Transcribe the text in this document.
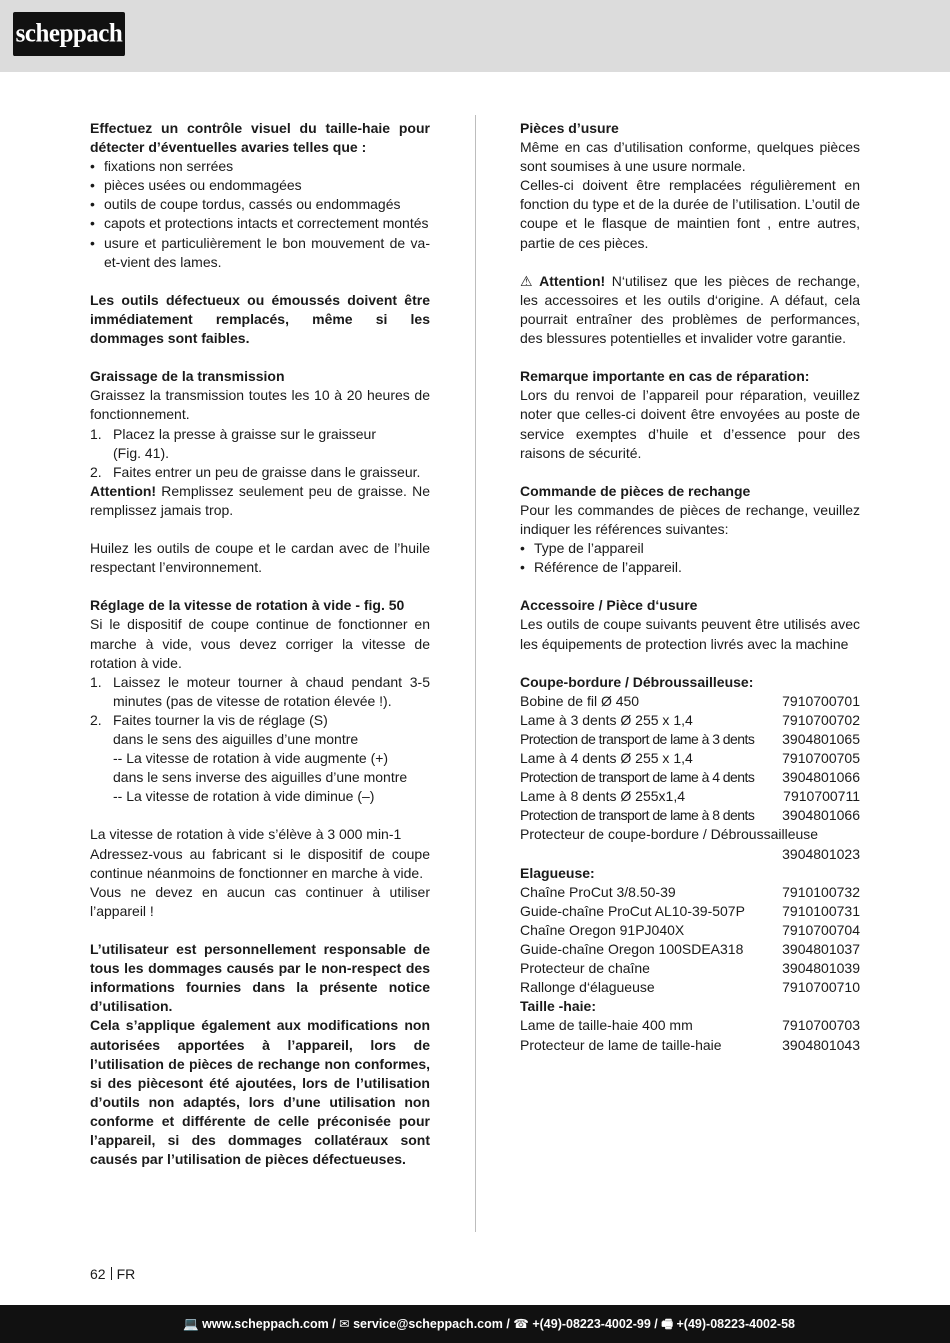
scheppach

Effectuez un contrôle visuel du taille-haie pour détecter d’éventuelles avaries telles que :

• fixations non serrées

• pièces usées ou endommagées

• outils de coupe tordus, cassés ou endommagés

• capots et protections intacts et correctement montés

• usure et particulièrement le bon mouvement de va-et-vient des lames.

Les outils défectueux ou émoussés doivent être immédiatement remplacés, même si les dommages sont faibles.

Graissage de la transmission

Graissez la transmission toutes les 10 à 20 heures de fonctionnement.

1. Placez la presse à graisse sur le graisseur

(Fig. 41).

2. Faites entrer un peu de graisse dans le graisseur.

Attention! Remplissez seulement peu de graisse. Ne remplissez jamais trop.

Huilez les outils de coupe et le cardan avec de l’huile respectant l’environnement.

Réglage de la vitesse de rotation à vide - fig. 50

Si le dispositif de coupe continue de fonctionner en marche à vide, vous devez corriger la vitesse de rotation à vide.

1. Laissez le moteur tourner à chaud pendant 3-5 minutes (pas de vitesse de rotation élevée !).

2. Faites tourner la vis de réglage (S)

dans le sens des aiguilles d’une montre

-- La vitesse de rotation à vide augmente (+)

dans le sens inverse des aiguilles d’une montre

-- La vitesse de rotation à vide diminue (–)

La vitesse de rotation à vide s’élève à 3 000 min-1

Adressez-vous au fabricant si le dispositif de coupe continue néanmoins de fonctionner en marche à vide.

Vous ne devez en aucun cas continuer à utiliser l’appareil !

L’utilisateur est personnellement responsable de tous les dommages causés par le non-respect des informations fournies dans la présente notice d’utilisation.

Cela s’applique également aux modifications non autorisées apportées à l’appareil, lors de l’utilisation de pièces de rechange non conformes, si des piècesont été ajoutées, lors de l’utilisation d’outils non adaptés, lors d’une utilisation non conforme et différente de celle préconisée pour l’appareil, si des dommages collatéraux sont causés par l’utilisation de pièces défectueuses.

Pièces d’usure

Même en cas d’utilisation conforme, quelques pièces sont soumises à une usure normale.

Celles-ci doivent être remplacées régulièrement en fonction du type et de la durée de l’utilisation. L’outil de coupe et le flasque de maintien font , entre autres, partie de ces pièces.

⚠ Attention! N‘utilisez que les pièces de rechange, les accessoires et les outils d‘origine. A défaut, cela pourrait entraîner des problèmes de performances, des blessures potentielles et invalider votre garantie.

Remarque importante en cas de réparation:

Lors du renvoi de l’appareil pour réparation, veuillez noter que celles-ci doivent être envoyées au poste de service exemptes d’huile et d’essence pour des raisons de sécurité.

Commande de pièces de rechange

Pour les commandes de pièces de rechange, veuillez indiquer les références suivantes:

• Type de l’appareil

• Référence de l’appareil.

Accessoire / Pièce d‘usure

Les outils de coupe suivants peuvent être utilisés avec les équipements de protection livrés avec la machine

Coupe-bordure / Débroussailleuse:

Bobine de fil Ø 450	7910700701
Lame à 3 dents Ø 255 x 1,4	7910700702
Protection de transport de lame à 3 dents 3904801065
Lame à 4 dents Ø 255 x 1,4	7910700705
Protection de transport de lame à 4 dents 3904801066
Lame à 8 dents Ø 255x1,4	7910700711
Protection de transport de lame à 8 dents 3904801066

Protecteur de coupe-bordure / Débroussailleuse

3904801023

Elagueuse:

Chaîne ProCut 3/8.50-39	7910100732
Guide-chaîne ProCut AL10-39-507P	7910100731
Chaîne Oregon 91PJ040X	7910700704
Guide-chaîne Oregon 100SDEA318	3904801037
Protecteur de chaîne	3904801039
Rallonge d‘élagueuse	7910700710

Taille -haie:

Lame de taille-haie 400 mm	7910700703
Protecteur de lame de taille-haie	3904801043
62 FR
💻 www.scheppach.com / ✉ service@scheppach.com / ☎ +(49)-08223-4002-99 / 🖷 +(49)-08223-4002-58
